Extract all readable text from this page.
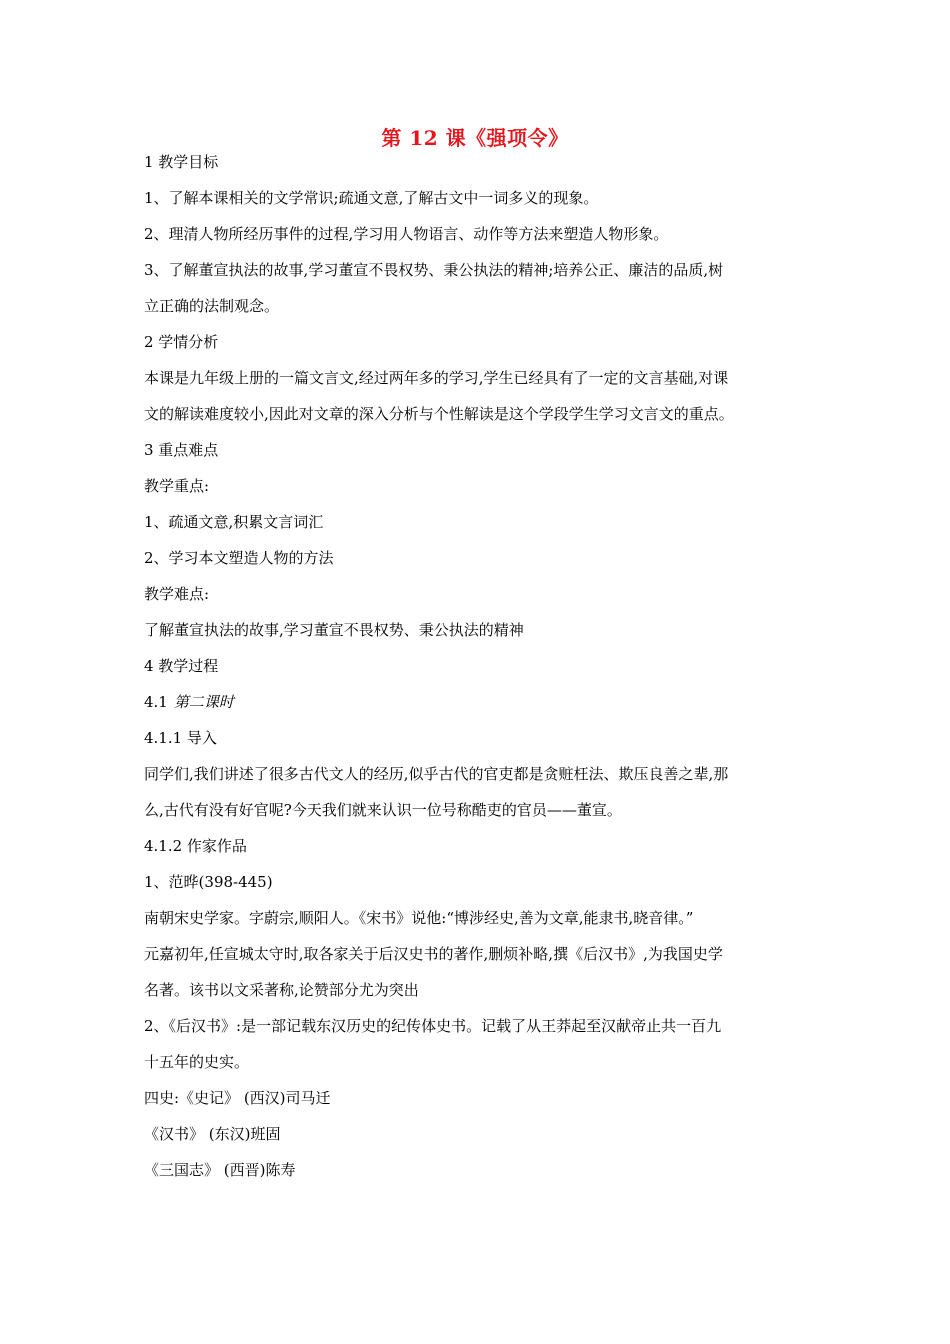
第 12 课《强项令》
1 教学目标
1、了解本课相关的文学常识;疏通文意,了解古文中一词多义的现象。
2、理清人物所经历事件的过程,学习用人物语言、动作等方法来塑造人物形象。
3、了解董宣执法的故事,学习董宣不畏权势、秉公执法的精神;培养公正、廉洁的品质,树
立正确的法制观念。
2 学情分析
本课是九年级上册的一篇文言文,经过两年多的学习,学生已经具有了一定的文言基础,对课
文的解读难度较小,因此对文章的深入分析与个性解读是这个学段学生学习文言文的重点。
3 重点难点
教学重点:
1、疏通文意,积累文言词汇
2、学习本文塑造人物的方法
教学难点:
了解董宣执法的故事,学习董宣不畏权势、秉公执法的精神
4 教学过程
4.1 第二课时
4.1.1 导入
同学们,我们讲述了很多古代文人的经历,似乎古代的官吏都是贪赃枉法、欺压良善之辈,那
么,古代有没有好官呢?今天我们就来认识一位号称酷吏的官员——董宣。
4.1.2 作家作品
1、范晔(398-445)
南朝宋史学家。字蔚宗,顺阳人。《宋书》说他:“博涉经史,善为文章,能隶书,晓音律。”
元嘉初年,任宣城太守时,取各家关于后汉史书的著作,删烦补略,撰《后汉书》,为我国史学
名著。该书以文采著称,论赞部分尤为突出
2、《后汉书》:是一部记载东汉历史的纪传体史书。记载了从王莽起至汉献帝止共一百九
十五年的史实。
四史:《史记》 (西汉)司马迁
《汉书》 (东汉)班固
《三国志》 (西晋)陈寿
